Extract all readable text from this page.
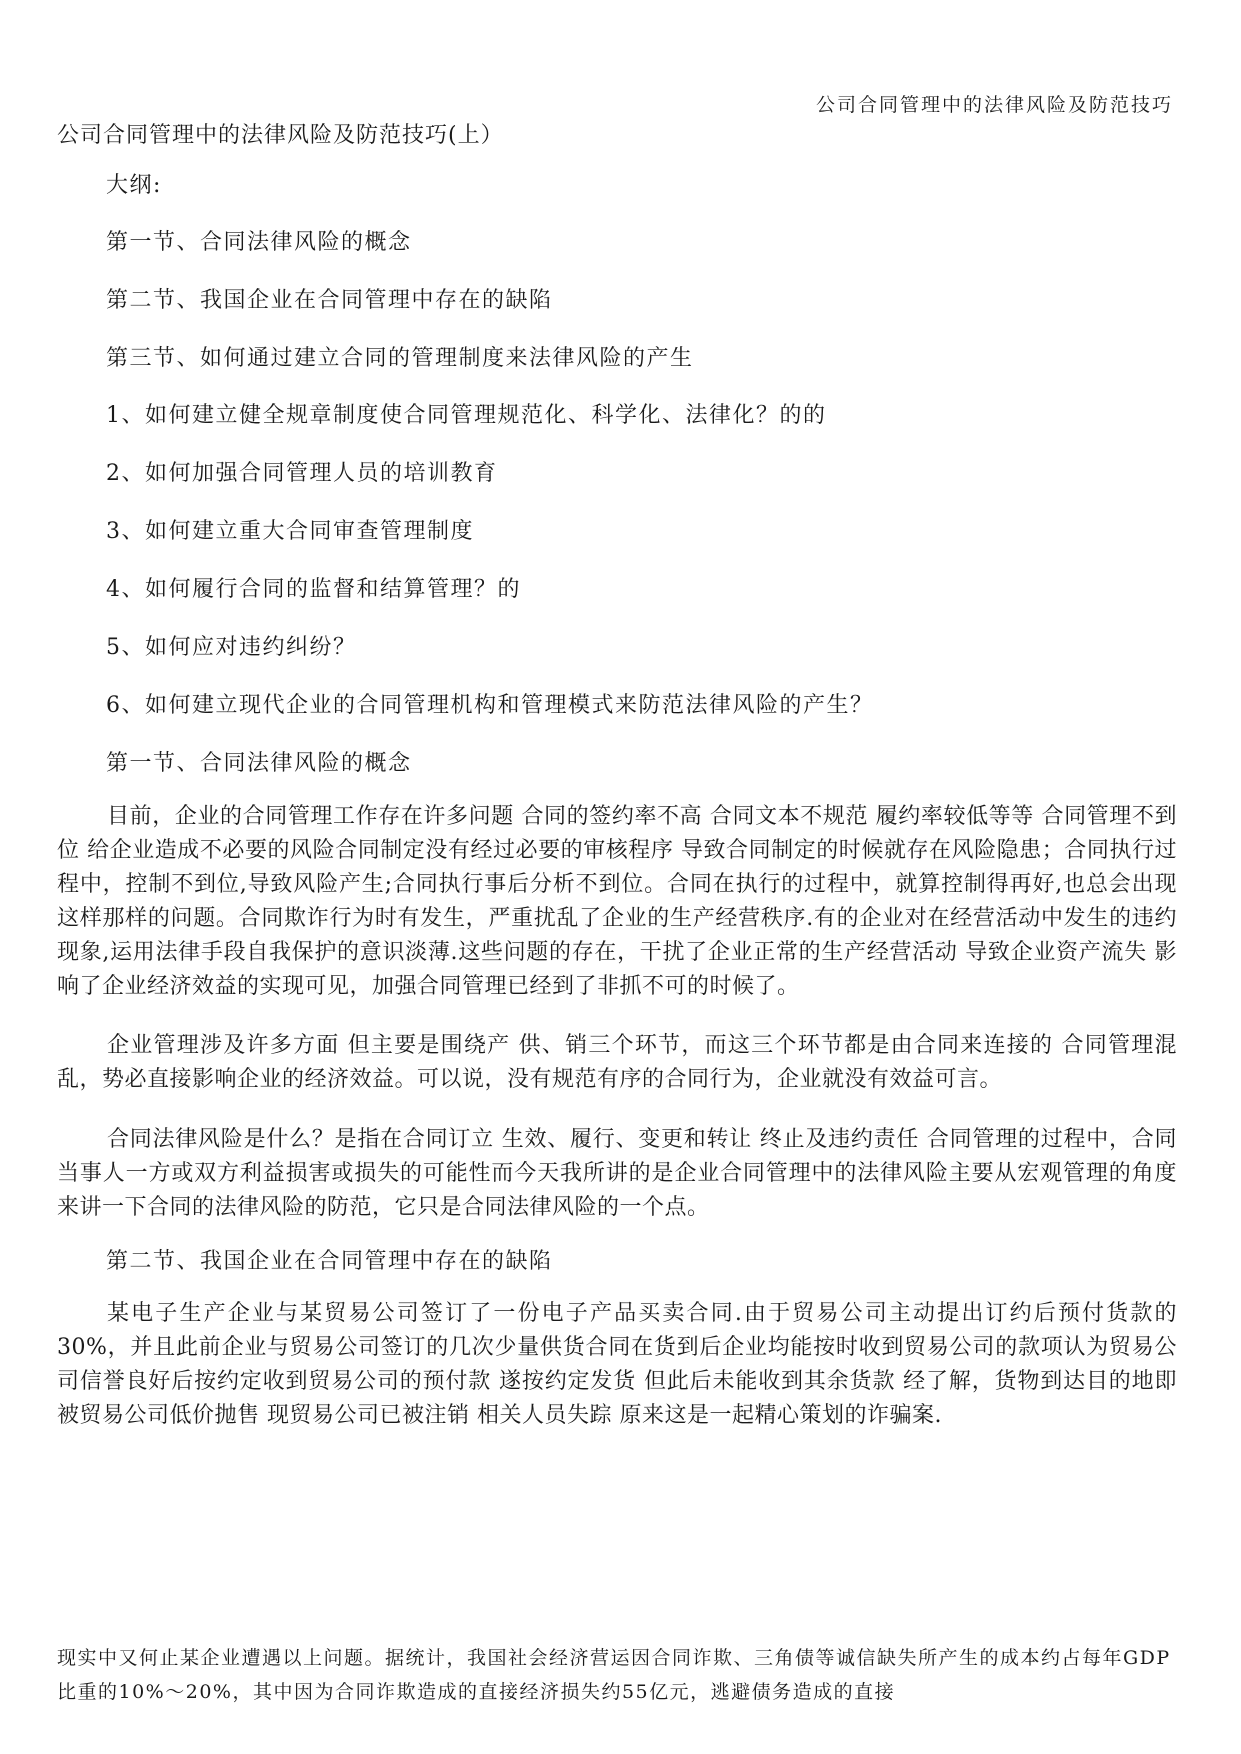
公司合同管理中的法律风险及防范技巧
公司合同管理中的法律风险及防范技巧(上）
大纲:
第一节、合同法律风险的概念
第二节、我国企业在合同管理中存在的缺陷
第三节、如何通过建立合同的管理制度来法律风险的产生
1、如何建立健全规章制度使合同管理规范化、科学化、法律化？的的
2、如何加强合同管理人员的培训教育
3、如何建立重大合同审查管理制度
4、如何履行合同的监督和结算管理？的
5、如何应对违约纠纷？
6、如何建立现代企业的合同管理机构和管理模式来防范法律风险的产生？
第一节、合同法律风险的概念
目前，企业的合同管理工作存在许多问题 合同的签约率不高 合同文本不规范 履约率较低等等 合同管理不到位 给企业造成不必要的风险合同制定没有经过必要的审核程序 导致合同制定的时候就存在风险隐患；合同执行过程中，控制不到位,导致风险产生;合同执行事后分析不到位。合同在执行的过程中，就算控制得再好,也总会出现这样那样的问题。合同欺诈行为时有发生，严重扰乱了企业的生产经营秩序.有的企业对在经营活动中发生的违约现象,运用法律手段自我保护的意识淡薄.这些问题的存在，干扰了企业正常的生产经营活动 导致企业资产流失 影响了企业经济效益的实现可见，加强合同管理已经到了非抓不可的时候了。
企业管理涉及许多方面 但主要是围绕产 供、销三个环节，而这三个环节都是由合同来连接的 合同管理混乱，势必直接影响企业的经济效益。可以说，没有规范有序的合同行为，企业就没有效益可言。
合同法律风险是什么？是指在合同订立 生效、履行、变更和转让 终止及违约责任 合同管理的过程中，合同当事人一方或双方利益损害或损失的可能性而今天我所讲的是企业合同管理中的法律风险主要从宏观管理的角度来讲一下合同的法律风险的防范，它只是合同法律风险的一个点。
第二节、我国企业在合同管理中存在的缺陷
某电子生产企业与某贸易公司签订了一份电子产品买卖合同.由于贸易公司主动提出订约后预付货款的30%，并且此前企业与贸易公司签订的几次少量供货合同在货到后企业均能按时收到贸易公司的款项认为贸易公司信誉良好后按约定收到贸易公司的预付款 遂按约定发货 但此后未能收到其余货款 经了解，货物到达目的地即被贸易公司低价抛售 现贸易公司已被注销 相关人员失踪 原来这是一起精心策划的诈骗案.
现实中又何止某企业遭遇以上问题。据统计，我国社会经济营运因合同诈欺、三角债等诚信缺失所产生的成本约占每年GDP比重的10%～20%，其中因为合同诈欺造成的直接经济损失约55亿元，逃避债务造成的直接
